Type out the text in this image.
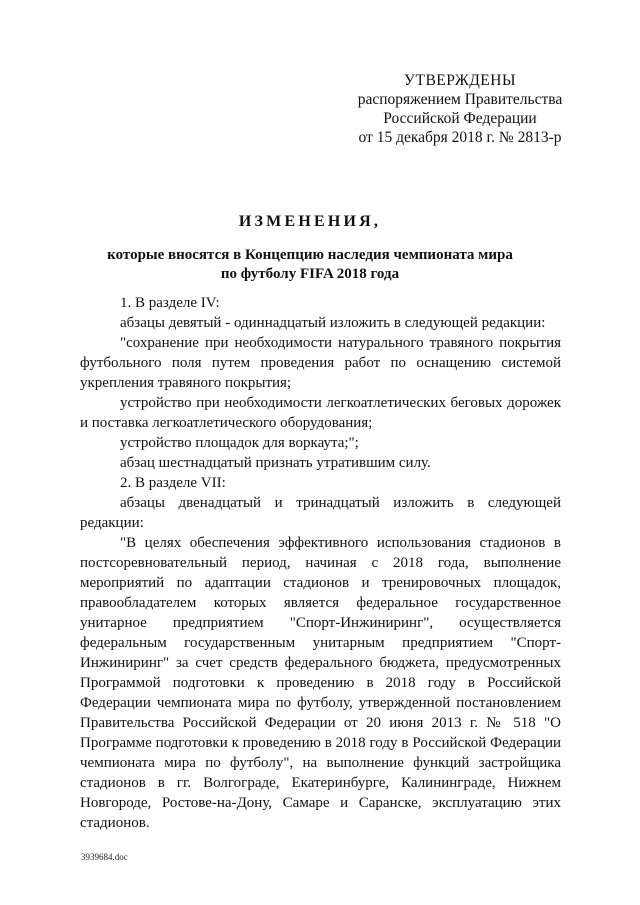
УТВЕРЖДЕНЫ
распоряжением Правительства
Российской Федерации
от 15 декабря 2018 г. № 2813-р
ИЗМЕНЕНИЯ,
которые вносятся в Концепцию наследия чемпионата мира
по футболу FIFA 2018 года

1. В разделе IV:

абзацы девятый - одиннадцатый изложить в следующей редакции:

"сохранение при необходимости натурального травяного покрытия футбольного поля путем проведения работ по оснащению системой укрепления травяного покрытия;

устройство при необходимости легкоатлетических беговых дорожек и поставка легкоатлетического оборудования;

устройство площадок для воркаута;";

абзац шестнадцатый признать утратившим силу.

2. В разделе VII:

абзацы двенадцатый и тринадцатый изложить в следующей редакции:

"В целях обеспечения эффективного использования стадионов в постсоревновательный период, начиная с 2018 года, выполнение мероприятий по адаптации стадионов и тренировочных площадок, правообладателем которых является федеральное государственное унитарное предприятием "Спорт-Инжиниринг", осуществляется федеральным государственным унитарным предприятием "Спорт-Инжиниринг" за счет средств федерального бюджета, предусмотренных Программой подготовки к проведению в 2018 году в Российской Федерации чемпионата мира по футболу, утвержденной постановлением Правительства Российской Федерации от 20 июня 2013 г. № 518 "О Программе подготовки к проведению в 2018 году в Российской Федерации чемпионата мира по футболу", на выполнение функций застройщика стадионов в гг. Волгограде, Екатеринбурге, Калининграде, Нижнем Новгороде, Ростове-на-Дону, Самаре и Саранске, эксплуатацию этих стадионов.

3939684.doc
